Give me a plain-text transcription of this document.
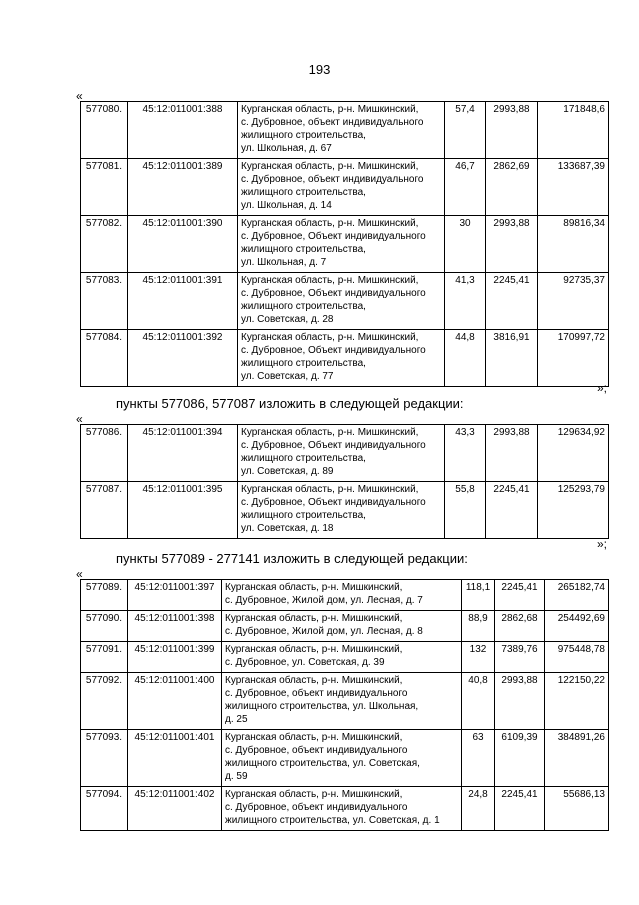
193
«
577080.	45:12:011001:388	Курганская область, р-н. Мишкинский,
с. Дубровное, объект индивидуального
жилищного строительства,
ул. Школьная, д. 67	57,4	2993,88	171848,6
577081.	45:12:011001:389	Курганская область, р-н. Мишкинский,
с. Дубровное, объект индивидуального
жилищного строительства,
ул. Школьная, д. 14	46,7	2862,69	133687,39
577082.	45:12:011001:390	Курганская область, р-н. Мишкинский,
с. Дубровное, Объект индивидуального
жилищного строительства,
ул. Школьная, д. 7	30	2993,88	89816,34
577083.	45:12:011001:391	Курганская область, р-н. Мишкинский,
с. Дубровное, Объект индивидуального
жилищного строительства,
ул. Советская, д. 28	41,3	2245,41	92735,37
577084.	45:12:011001:392	Курганская область, р-н. Мишкинский,
с. Дубровное, Объект индивидуального
жилищного строительства,
ул. Советская, д. 77	44,8	3816,91	170997,72
»;
пункты 577086, 577087 изложить в следующей редакции:
«
577086.	45:12:011001:394	Курганская область, р-н. Мишкинский,
с. Дубровное, Объект индивидуального
жилищного строительства,
ул. Советская, д. 89	43,3	2993,88	129634,92
577087.	45:12:011001:395	Курганская область, р-н. Мишкинский,
с. Дубровное, Объект индивидуального
жилищного строительства,
ул. Советская, д. 18	55,8	2245,41	125293,79
»;
пункты 577089 - 277141 изложить в следующей редакции:
«
577089.	45:12:011001:397	Курганская область, р-н. Мишкинский,
с. Дубровное, Жилой дом, ул. Лесная, д. 7	118,1	2245,41	265182,74
577090.	45:12:011001:398	Курганская область, р-н. Мишкинский,
с. Дубровное, Жилой дом, ул. Лесная, д. 8	88,9	2862,68	254492,69
577091.	45:12:011001:399	Курганская область, р-н. Мишкинский,
с. Дубровное, ул. Советская, д. 39	132	7389,76	975448,78
577092.	45:12:011001:400	Курганская область, р-н. Мишкинский,
с. Дубровное, объект индивидуального
жилищного строительства, ул. Школьная,
д. 25	40,8	2993,88	122150,22
577093.	45:12:011001:401	Курганская область, р-н. Мишкинский,
с. Дубровное, объект индивидуального
жилищного строительства, ул. Советская,
д. 59	63	6109,39	384891,26
577094.	45:12:011001:402	Курганская область, р-н. Мишкинский,
с. Дубровное, объект индивидуального
жилищного строительства, ул. Советская, д. 1	24,8	2245,41	55686,13
